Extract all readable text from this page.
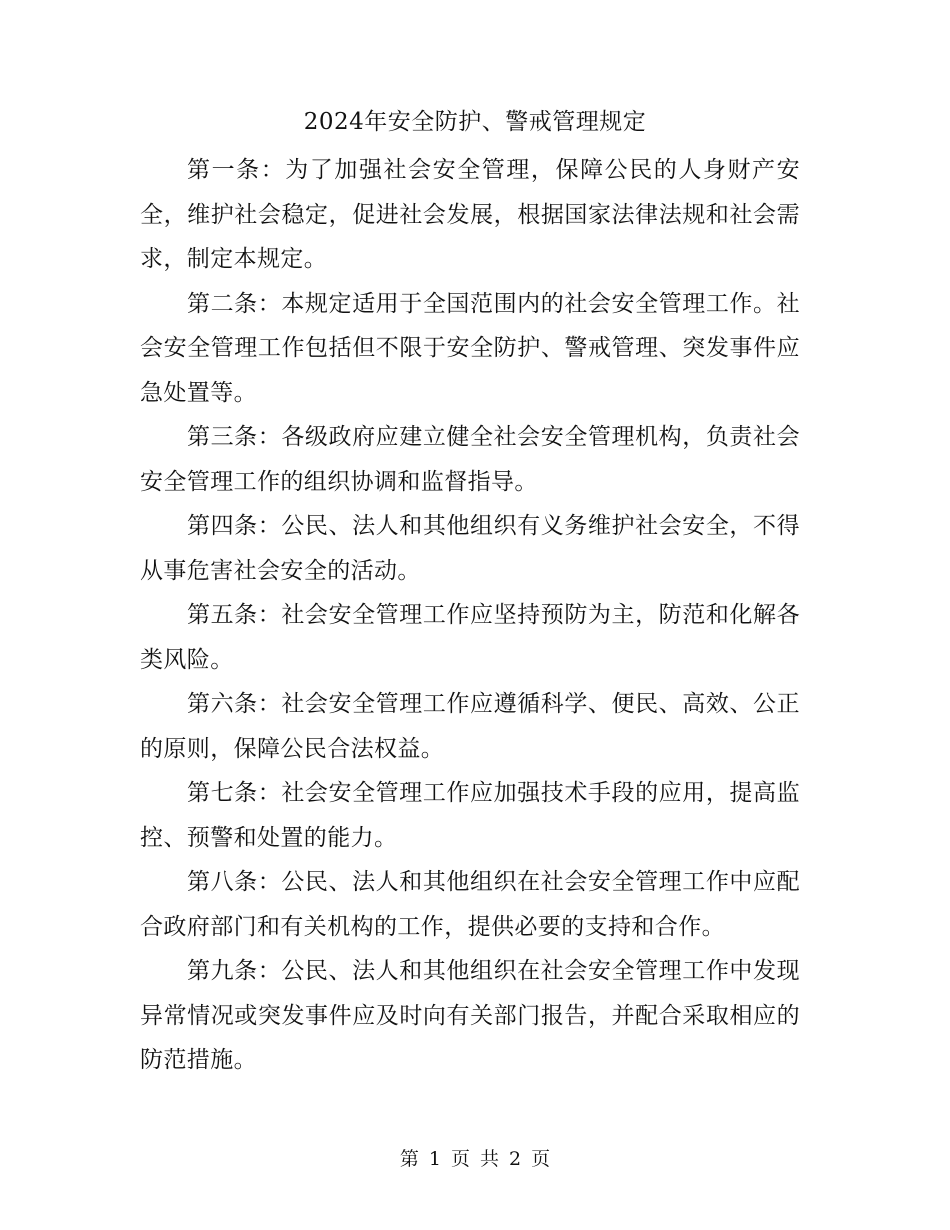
2024年安全防护、警戒管理规定

第一条：为了加强社会安全管理，保障公民的人身财产安全，维护社会稳定，促进社会发展，根据国家法律法规和社会需求，制定本规定。

第二条：本规定适用于全国范围内的社会安全管理工作。社会安全管理工作包括但不限于安全防护、警戒管理、突发事件应急处置等。

第三条：各级政府应建立健全社会安全管理机构，负责社会安全管理工作的组织协调和监督指导。

第四条：公民、法人和其他组织有义务维护社会安全，不得从事危害社会安全的活动。

第五条：社会安全管理工作应坚持预防为主，防范和化解各类风险。

第六条：社会安全管理工作应遵循科学、便民、高效、公正的原则，保障公民合法权益。

第七条：社会安全管理工作应加强技术手段的应用，提高监控、预警和处置的能力。

第八条：公民、法人和其他组织在社会安全管理工作中应配合政府部门和有关机构的工作，提供必要的支持和合作。

第九条：公民、法人和其他组织在社会安全管理工作中发现异常情况或突发事件应及时向有关部门报告，并配合采取相应的防范措施。

第 1 页 共 2 页
